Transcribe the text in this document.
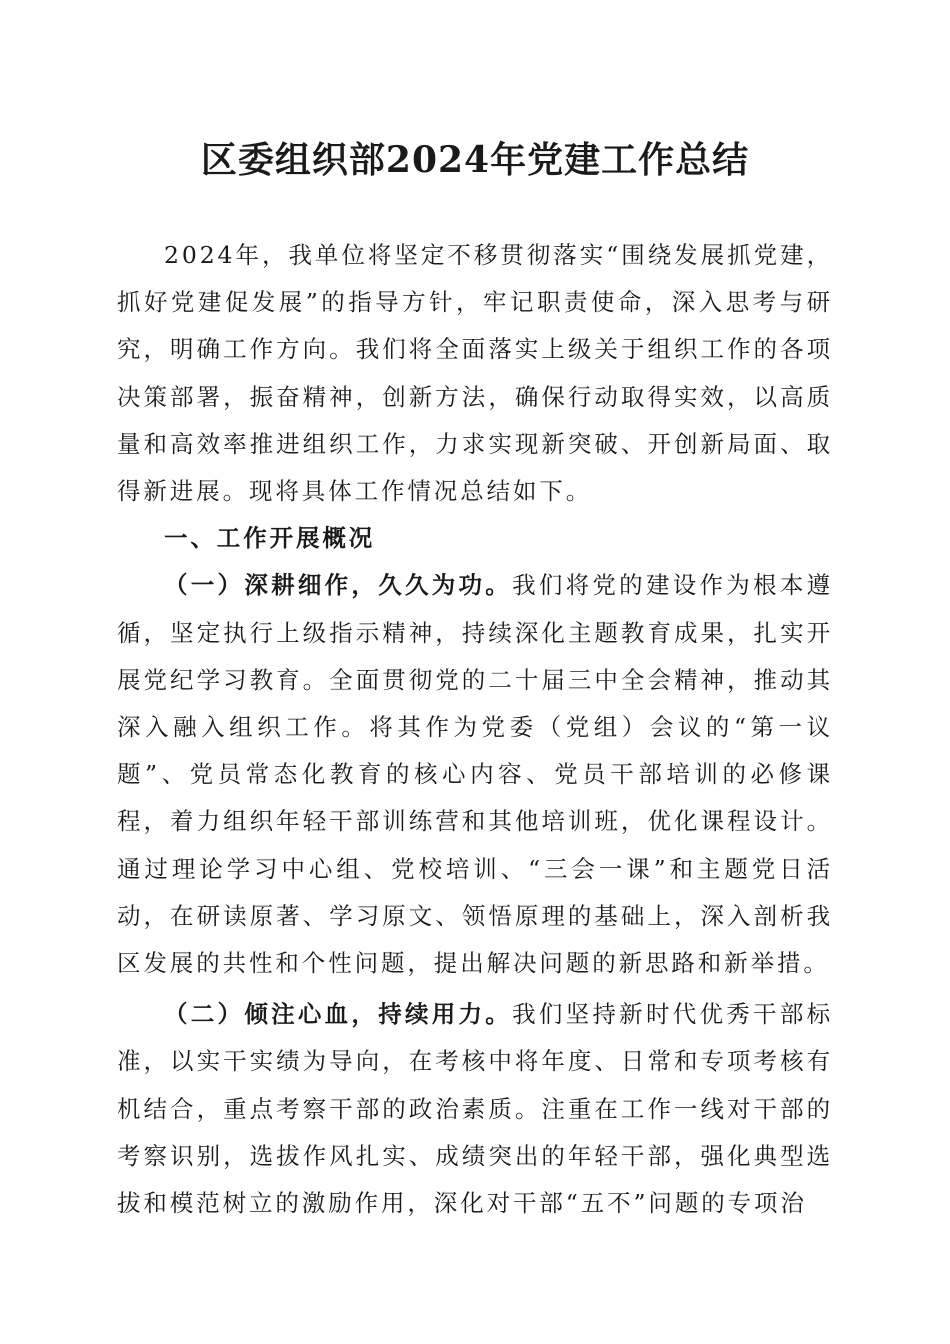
区委组织部2024年党建工作总结

2024年，我单位将坚定不移贯彻落实“围绕发展抓党建，抓好党建促发展”的指导方针，牢记职责使命，深入思考与研究，明确工作方向。我们将全面落实上级关于组织工作的各项决策部署，振奋精神，创新方法，确保行动取得实效，以高质量和高效率推进组织工作，力求实现新突破、开创新局面、取得新进展。现将具体工作情况总结如下。

一、工作开展概况

（一）深耕细作，久久为功。我们将党的建设作为根本遵循，坚定执行上级指示精神，持续深化主题教育成果，扎实开展党纪学习教育。全面贯彻党的二十届三中全会精神，推动其深入融入组织工作。将其作为党委（党组）会议的“第一议题”、党员常态化教育的核心内容、党员干部培训的必修课程，着力组织年轻干部训练营和其他培训班，优化课程设计。通过理论学习中心组、党校培训、“三会一课”和主题党日活动，在研读原著、学习原文、领悟原理的基础上，深入剖析我区发展的共性和个性问题，提出解决问题的新思路和新举措。

（二）倾注心血，持续用力。我们坚持新时代优秀干部标准，以实干实绩为导向，在考核中将年度、日常和专项考核有机结合，重点考察干部的政治素质。注重在工作一线对干部的考察识别，选拔作风扎实、成绩突出的年轻干部，强化典型选拔和模范树立的激励作用，深化对干部“五不”问题的专项治
